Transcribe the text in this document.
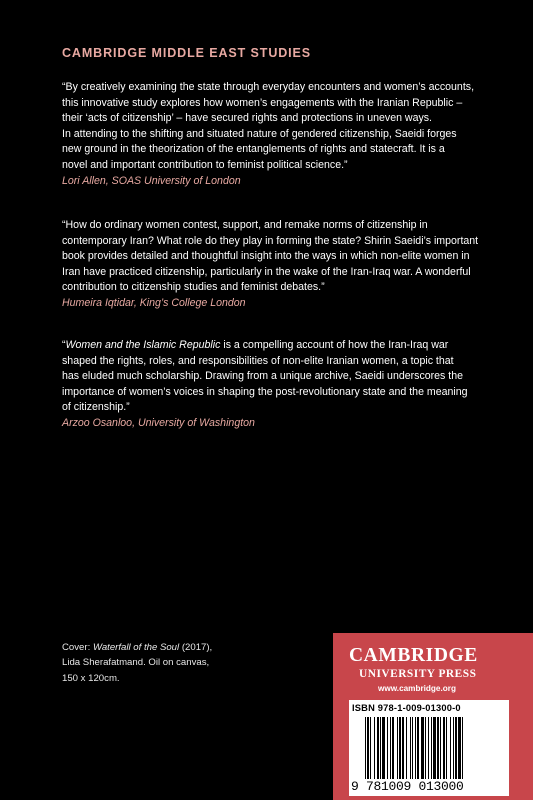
CAMBRIDGE MIDDLE EAST STUDIES

“By creatively examining the state through everyday encounters and women’s accounts,

this innovative study explores how women’s engagements with the Iranian Republic –

their ‘acts of citizenship’ – have secured rights and protections in uneven ways.

In attending to the shifting and situated nature of gendered citizenship, Saeidi forges

new ground in the theorization of the entanglements of rights and statecraft. It is a

novel and important contribution to feminist political science.”

Lori Allen, SOAS University of London

“How do ordinary women contest, support, and remake norms of citizenship in

contemporary Iran? What role do they play in forming the state? Shirin Saeidi’s important

book provides detailed and thoughtful insight into the ways in which non-elite women in

Iran have practiced citizenship, particularly in the wake of the Iran-Iraq war. A wonderful

contribution to citizenship studies and feminist debates.”

Humeira Iqtidar, King’s College London

“Women and the Islamic Republic is a compelling account of how the Iran-Iraq war

shaped the rights, roles, and responsibilities of non-elite Iranian women, a topic that

has eluded much scholarship. Drawing from a unique archive, Saeidi underscores the

importance of women’s voices in shaping the post-revolutionary state and the meaning

of citizenship.”

Arzoo Osanloo, University of Washington

Cover: Waterfall of the Soul (2017),
Lida Sherafatmand. Oil on canvas,
150 x 120cm.

CAMBRIDGE

UNIVERSITY PRESS

www.cambridge.org

ISBN 978-1-009-01300-0

9 781009 013000
